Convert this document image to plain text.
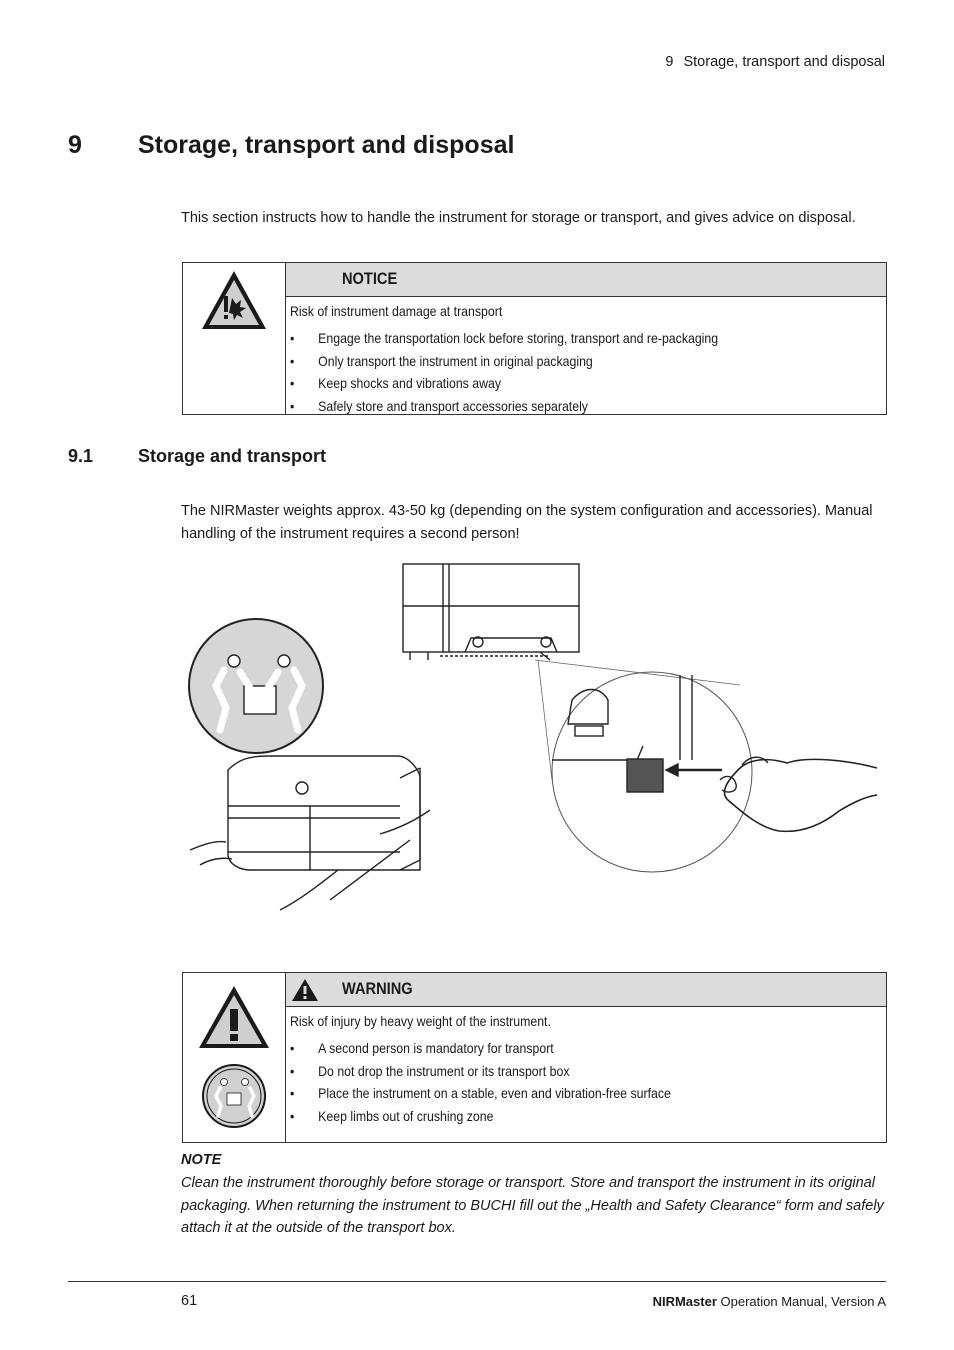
9 Storage, transport and disposal
9 Storage, transport and disposal
This section instructs how to handle the instrument for storage or transport, and gives advice on disposal.
NOTICE
Risk of instrument damage at transport
• Engage the transportation lock before storing, transport and re-packaging
• Only transport the instrument in original packaging
• Keep shocks and vibrations away
• Safely store and transport accessories separately
9.1 Storage and transport
The NIRMaster weights approx. 43-50 kg (depending on the system configuration and accessories). Manual handling of the instrument requires a second person!
WARNING
Risk of injury by heavy weight of the instrument.
• A second person is mandatory for transport
• Do not drop the instrument or its transport box
• Place the instrument on a stable, even and vibration-free surface
• Keep limbs out of crushing zone
NOTE
Clean the instrument thoroughly before storage or transport. Store and transport the instrument in its original packaging. When returning the instrument to BUCHI fill out the „Health and Safety Clearance“ form and safely attach it at the outside of the transport box.
61	NIRMaster Operation Manual, Version A
